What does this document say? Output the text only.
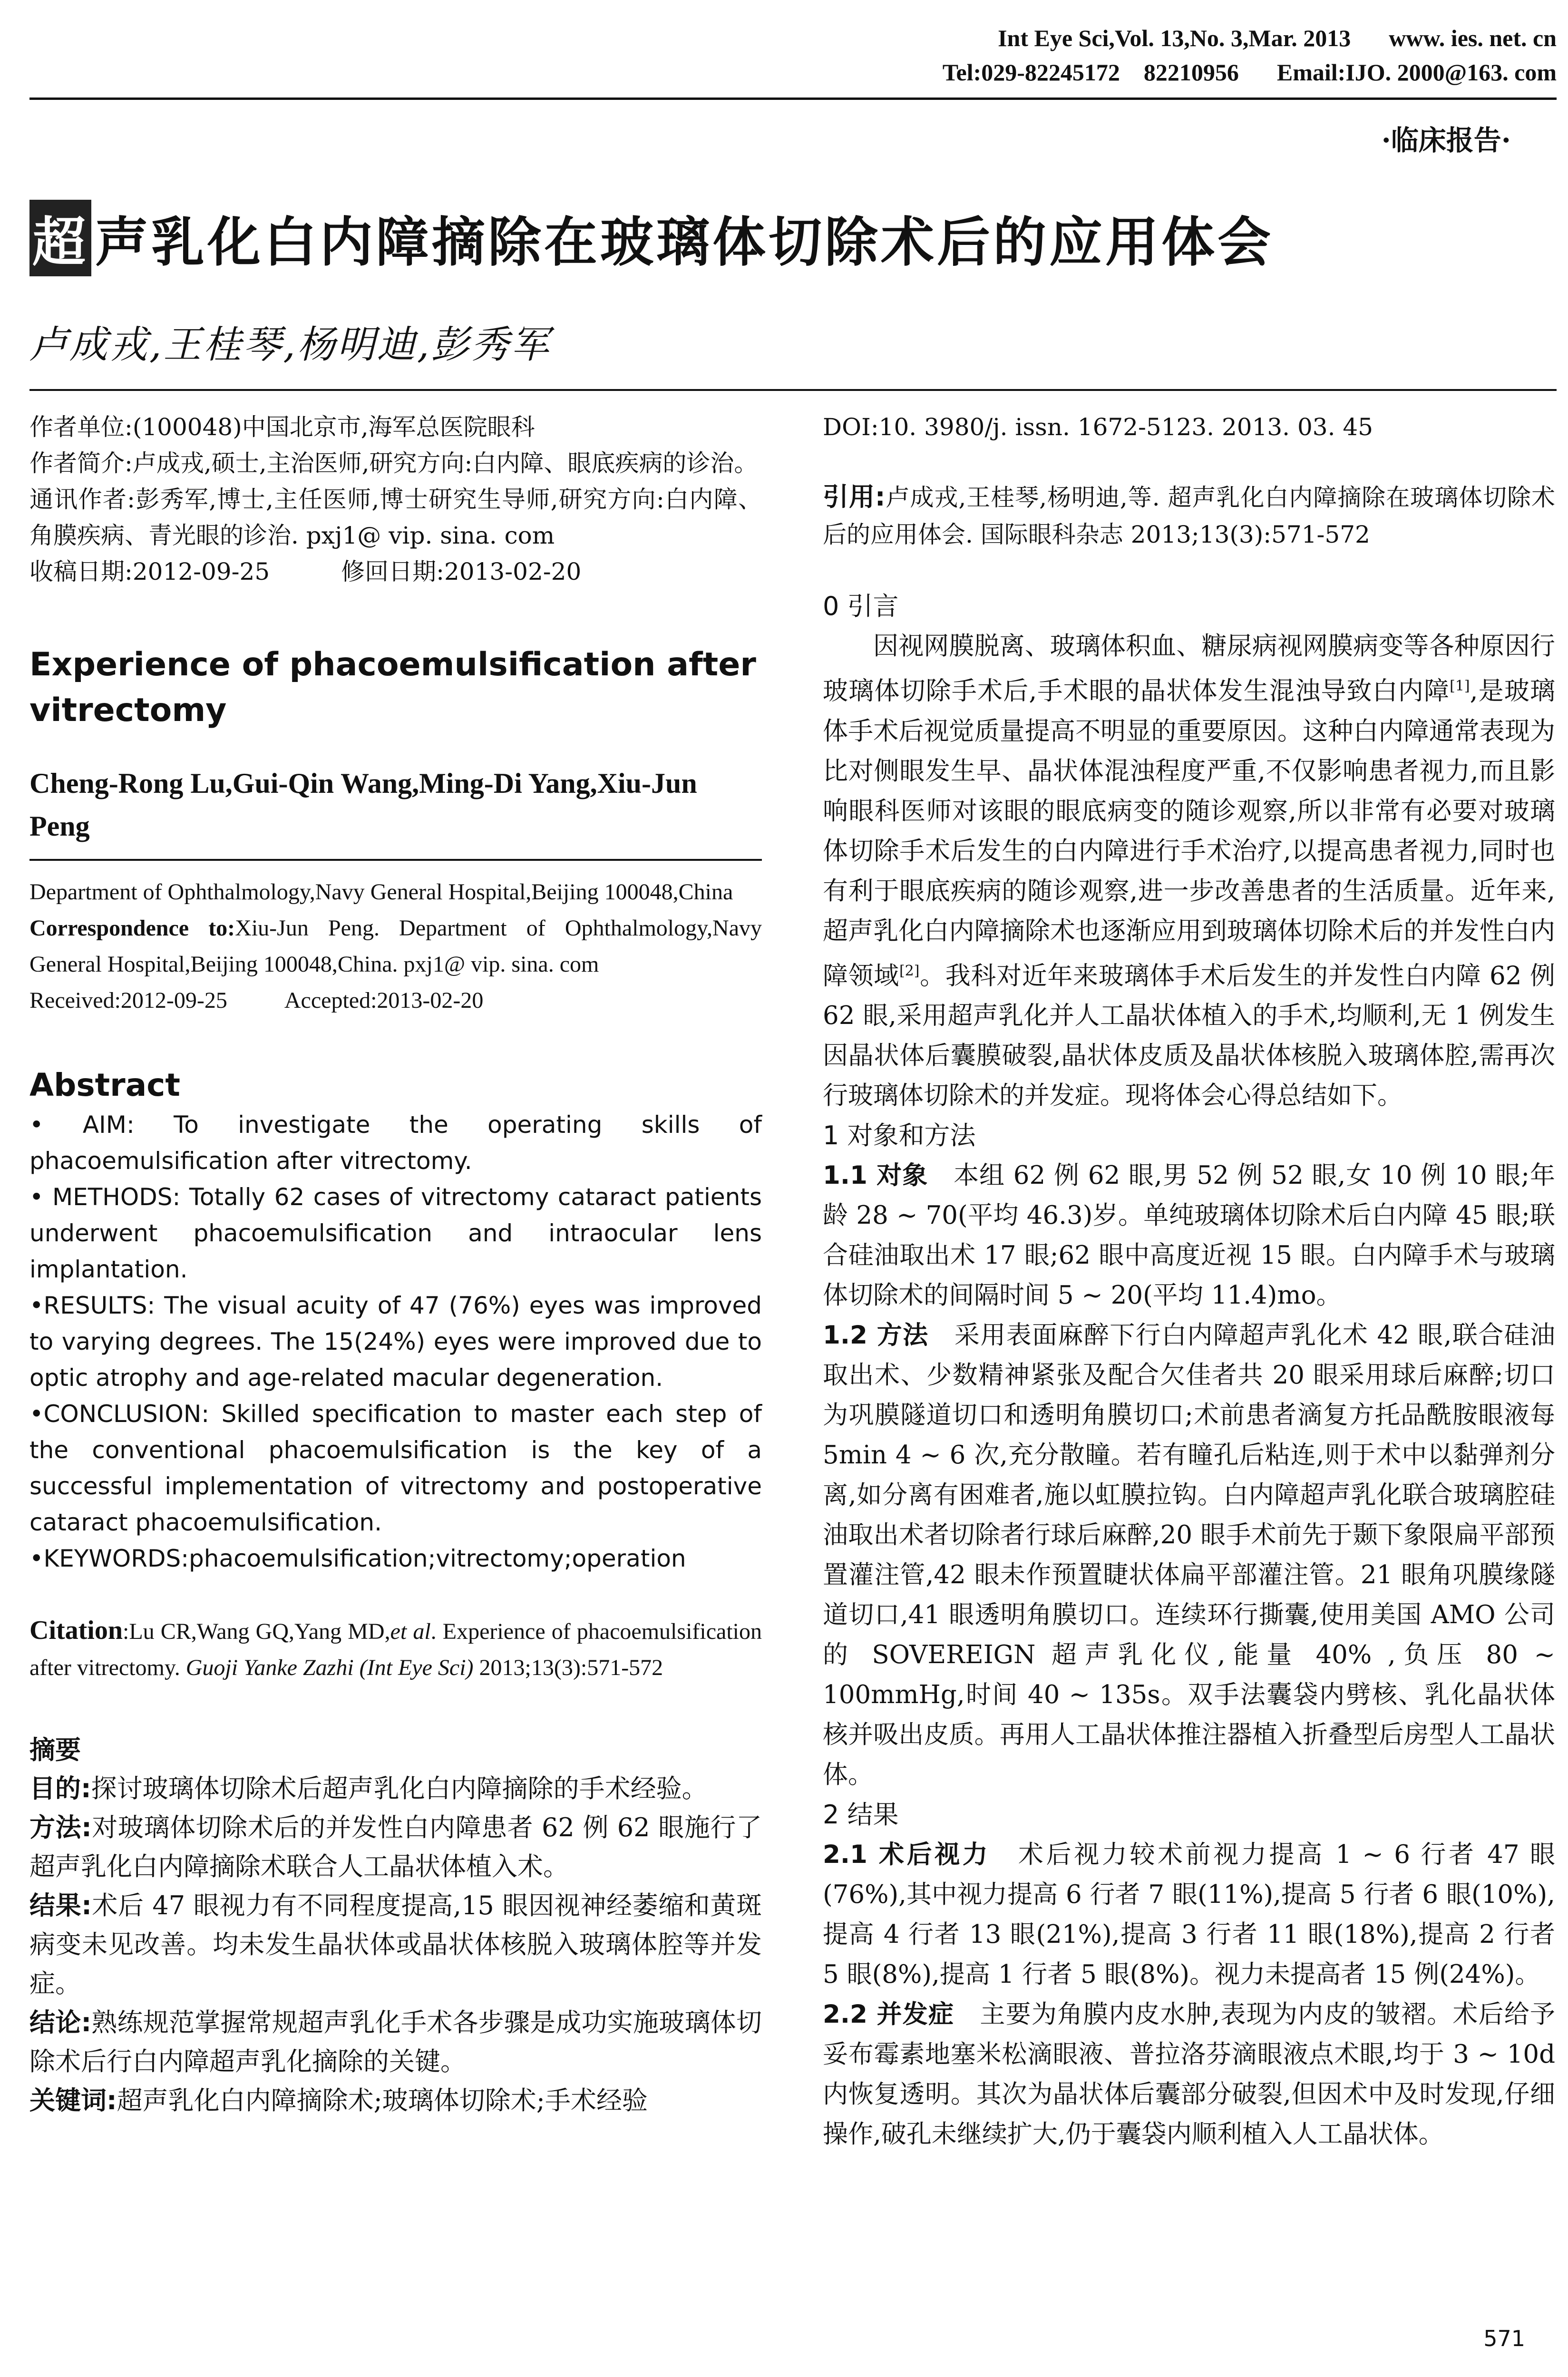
Int Eye Sci,Vol. 13,No. 3,Mar. 2013 www. ies. net. cn
Tel:029-82245172　82210956 Email:IJO. 2000@163. com
·临床报告·
超 声乳化白内障摘除在玻璃体切除术后的应用体会
卢成戎,王桂琴,杨明迪,彭秀军

作者单位:(100048)中国北京市,海军总医院眼科

作者简介:卢成戎,硕士,主治医师,研究方向:白内障、眼底疾病的诊治。

通讯作者:彭秀军,博士,主任医师,博士研究生导师,研究方向:白内障、角膜疾病、青光眼的诊治. pxj1@ vip. sina. com

收稿日期:2012-09-25	修回日期:2013-02-20

Experience of phacoemulsification after vitrectomy
Cheng-Rong Lu,Gui-Qin Wang,Ming-Di Yang,Xiu-Jun Peng

Department of Ophthalmology,Navy General Hospital,Beijing 100048,China

Correspondence to:Xiu-Jun Peng. Department of Ophthalmology,Navy General Hospital,Beijing 100048,China. pxj1@ vip. sina. com

Received:2012-09-25	Accepted:2013-02-20

Abstract

• AIM: To investigate the operating skills of phacoemulsification after vitrectomy.

• METHODS: Totally 62 cases of vitrectomy cataract patients underwent phacoemulsification and intraocular lens implantation.

•RESULTS: The visual acuity of 47 (76%) eyes was improved to varying degrees. The 15(24%) eyes were improved due to optic atrophy and age-related macular degeneration.

•CONCLUSION: Skilled specification to master each step of the conventional phacoemulsification is the key of a successful implementation of vitrectomy and postoperative cataract phacoemulsification.

•KEYWORDS:phacoemulsification;vitrectomy;operation

Citation:Lu CR,Wang GQ,Yang MD,et al. Experience of phacoemulsification after vitrectomy. Guoji Yanke Zazhi (Int Eye Sci) 2013;13(3):571-572
摘要

目的:探讨玻璃体切除术后超声乳化白内障摘除的手术经验。

方法:对玻璃体切除术后的并发性白内障患者 62 例 62 眼施行了超声乳化白内障摘除术联合人工晶状体植入术。

结果:术后 47 眼视力有不同程度提高,15 眼因视神经萎缩和黄斑病变未见改善。均未发生晶状体或晶状体核脱入玻璃体腔等并发症。

结论:熟练规范掌握常规超声乳化手术各步骤是成功实施玻璃体切除术后行白内障超声乳化摘除的关键。

关键词:超声乳化白内障摘除术;玻璃体切除术;手术经验

DOI:10. 3980/j. issn. 1672-5123. 2013. 03. 45

引用:卢成戎,王桂琴,杨明迪,等. 超声乳化白内障摘除在玻璃体切除术后的应用体会. 国际眼科杂志 2013;13(3):571-572

0 引言

因视网膜脱离、玻璃体积血、糖尿病视网膜病变等各种原因行玻璃体切除手术后,手术眼的晶状体发生混浊导致白内障[1],是玻璃体手术后视觉质量提高不明显的重要原因。这种白内障通常表现为比对侧眼发生早、晶状体混浊程度严重,不仅影响患者视力,而且影响眼科医师对该眼的眼底病变的随诊观察,所以非常有必要对玻璃体切除手术后发生的白内障进行手术治疗,以提高患者视力,同时也有利于眼底疾病的随诊观察,进一步改善患者的生活质量。近年来,超声乳化白内障摘除术也逐渐应用到玻璃体切除术后的并发性白内障领域[2]。我科对近年来玻璃体手术后发生的并发性白内障 62 例 62 眼,采用超声乳化并人工晶状体植入的手术,均顺利,无 1 例发生因晶状体后囊膜破裂,晶状体皮质及晶状体核脱入玻璃体腔,需再次行玻璃体切除术的并发症。现将体会心得总结如下。

1 对象和方法

1.1 对象　本组 62 例 62 眼,男 52 例 52 眼,女 10 例 10 眼;年龄 28 ~ 70(平均 46.3)岁。单纯玻璃体切除术后白内障 45 眼;联合硅油取出术 17 眼;62 眼中高度近视 15 眼。白内障手术与玻璃体切除术的间隔时间 5 ~ 20(平均 11.4)mo。

1.2 方法　采用表面麻醉下行白内障超声乳化术 42 眼,联合硅油取出术、少数精神紧张及配合欠佳者共 20 眼采用球后麻醉;切口为巩膜隧道切口和透明角膜切口;术前患者滴复方托品酰胺眼液每 5min 4 ~ 6 次,充分散瞳。若有瞳孔后粘连,则于术中以黏弹剂分离,如分离有困难者,施以虹膜拉钩。白内障超声乳化联合玻璃腔硅油取出术者切除者行球后麻醉,20 眼手术前先于颞下象限扁平部预置灌注管,42 眼未作预置睫状体扁平部灌注管。21 眼角巩膜缘隧道切口,41 眼透明角膜切口。连续环行撕囊,使用美国 AMO 公司的 SOVEREIGN 超声乳化仪,能量 40% ,负压 80 ~ 100mmHg,时间 40 ~ 135s。双手法囊袋内劈核、乳化晶状体核并吸出皮质。再用人工晶状体推注器植入折叠型后房型人工晶状体。

2 结果

2.1 术后视力　术后视力较术前视力提高 1 ~ 6 行者 47 眼(76%),其中视力提高 6 行者 7 眼(11%),提高 5 行者 6 眼(10%),提高 4 行者 13 眼(21%),提高 3 行者 11 眼(18%),提高 2 行者 5 眼(8%),提高 1 行者 5 眼(8%)。视力未提高者 15 例(24%)。

2.2 并发症　主要为角膜内皮水肿,表现为内皮的皱褶。术后给予妥布霉素地塞米松滴眼液、普拉洛芬滴眼液点术眼,均于 3 ~ 10d 内恢复透明。其次为晶状体后囊部分破裂,但因术中及时发现,仔细操作,破孔未继续扩大,仍于囊袋内顺利植入人工晶状体。

571
